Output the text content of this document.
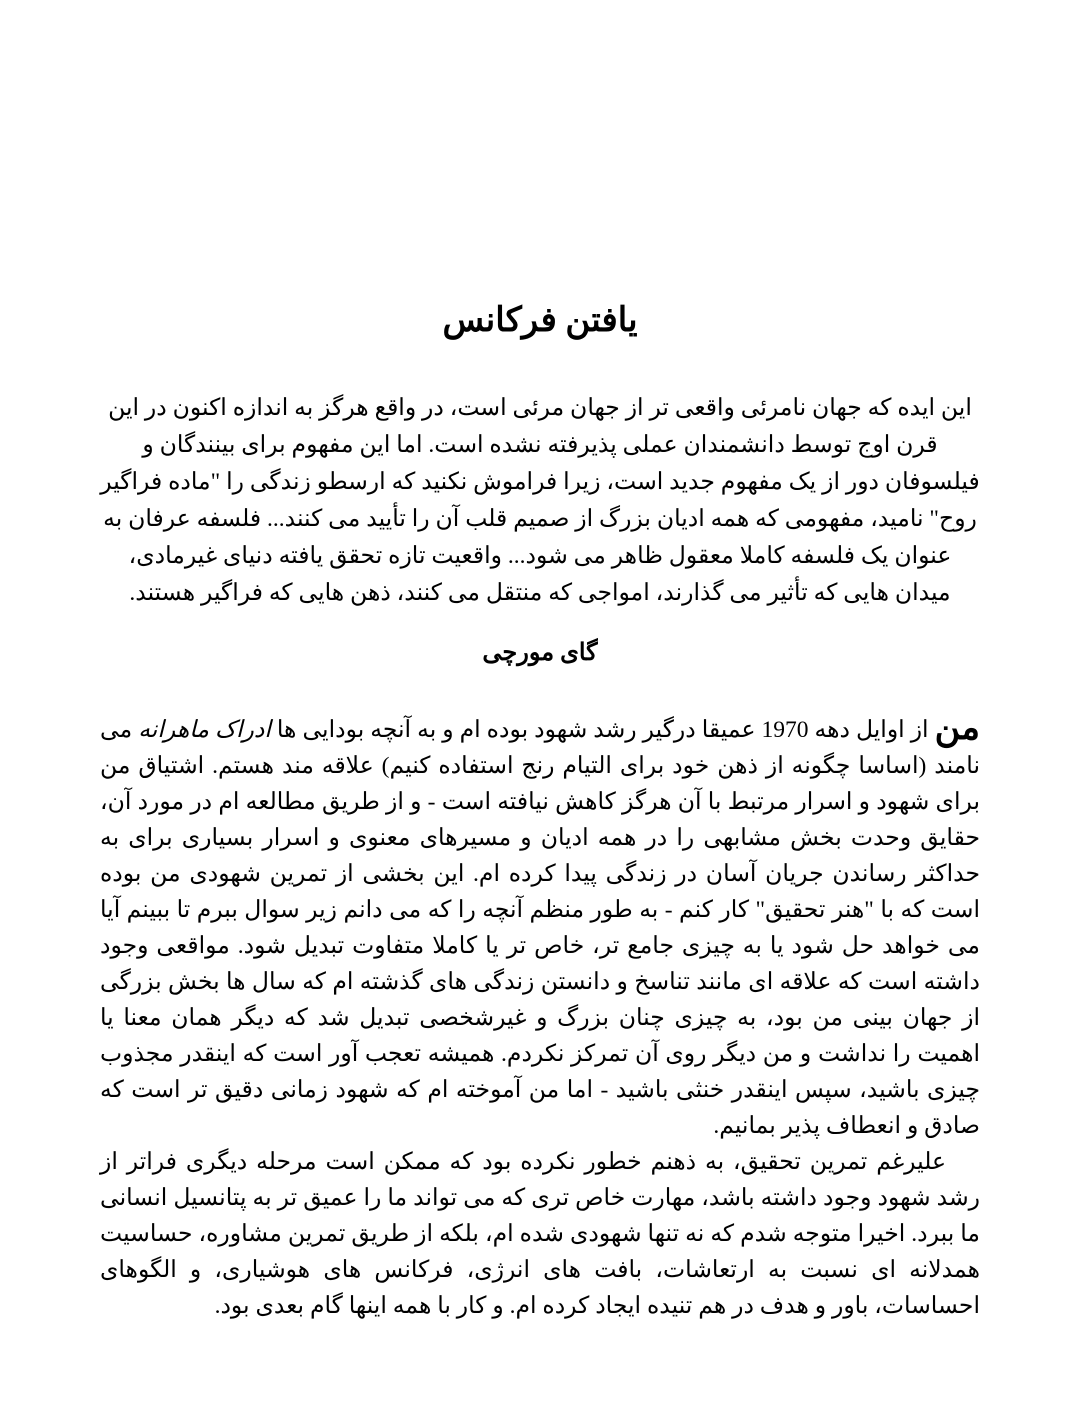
یافتن فرکانس

این ایده که جهان نامرئی واقعی تر از جهان مرئی است، در واقع هرگز به اندازه اکنون در این قرن اوج توسط دانشمندان عملی پذیرفته نشده است. اما این مفهوم برای بینندگان و فیلسوفان دور از یک مفهوم جدید است، زیرا فراموش نکنید که ارسطو زندگی را "ماده فراگیر روح" نامید، مفهومی که همه ادیان بزرگ از صمیم قلب آن را تأیید می کنند... فلسفه عرفان به عنوان یک فلسفه کاملا معقول ظاهر می شود... واقعیت تازه تحقق یافته دنیای غیرمادی، میدان هایی که تأثیر می گذارند، امواجی که منتقل می کنند، ذهن هایی که فراگیر هستند.

گای مورچی

من از اوایل دهه 1970 عمیقا درگیر رشد شهود بوده ام و به آنچه بودایی ها ادراک ماهرانه می نامند (اساسا چگونه از ذهن خود برای التیام رنج استفاده کنیم) علاقه مند هستم. اشتیاق من برای شهود و اسرار مرتبط با آن هرگز کاهش نیافته است - و از طریق مطالعه ام در مورد آن، حقایق وحدت بخش مشابهی را در همه ادیان و مسیرهای معنوی و اسرار بسیاری برای به حداکثر رساندن جریان آسان در زندگی پیدا کرده ام. این بخشی از تمرین شهودی من بوده است که با "هنر تحقیق" کار کنم - به طور منظم آنچه را که می دانم زیر سوال ببرم تا ببینم آیا می خواهد حل شود یا به چیزی جامع تر، خاص تر یا کاملا متفاوت تبدیل شود. مواقعی وجود داشته است که علاقه ای مانند تناسخ و دانستن زندگی های گذشته ام که سال ها بخش بزرگی از جهان بینی من بود، به چیزی چنان بزرگ و غیرشخصی تبدیل شد که دیگر همان معنا یا اهمیت را نداشت و من دیگر روی آن تمرکز نکردم. همیشه تعجب آور است که اینقدر مجذوب چیزی باشید، سپس اینقدر خنثی باشید - اما من آموخته ام که شهود زمانی دقیق تر است که صادق و انعطاف پذیر بمانیم.

علیرغم تمرین تحقیق، به ذهنم خطور نکرده بود که ممکن است مرحله دیگری فراتر از رشد شهود وجود داشته باشد، مهارت خاص تری که می تواند ما را عمیق تر به پتانسیل انسانی ما ببرد. اخیرا متوجه شدم که نه تنها شهودی شده ام، بلکه از طریق تمرین مشاوره، حساسیت همدلانه ای نسبت به ارتعاشات، بافت های انرژی، فرکانس های هوشیاری، و الگوهای احساسات، باور و هدف در هم تنیده ایجاد کرده ام. و کار با همه اینها گام بعدی بود.
